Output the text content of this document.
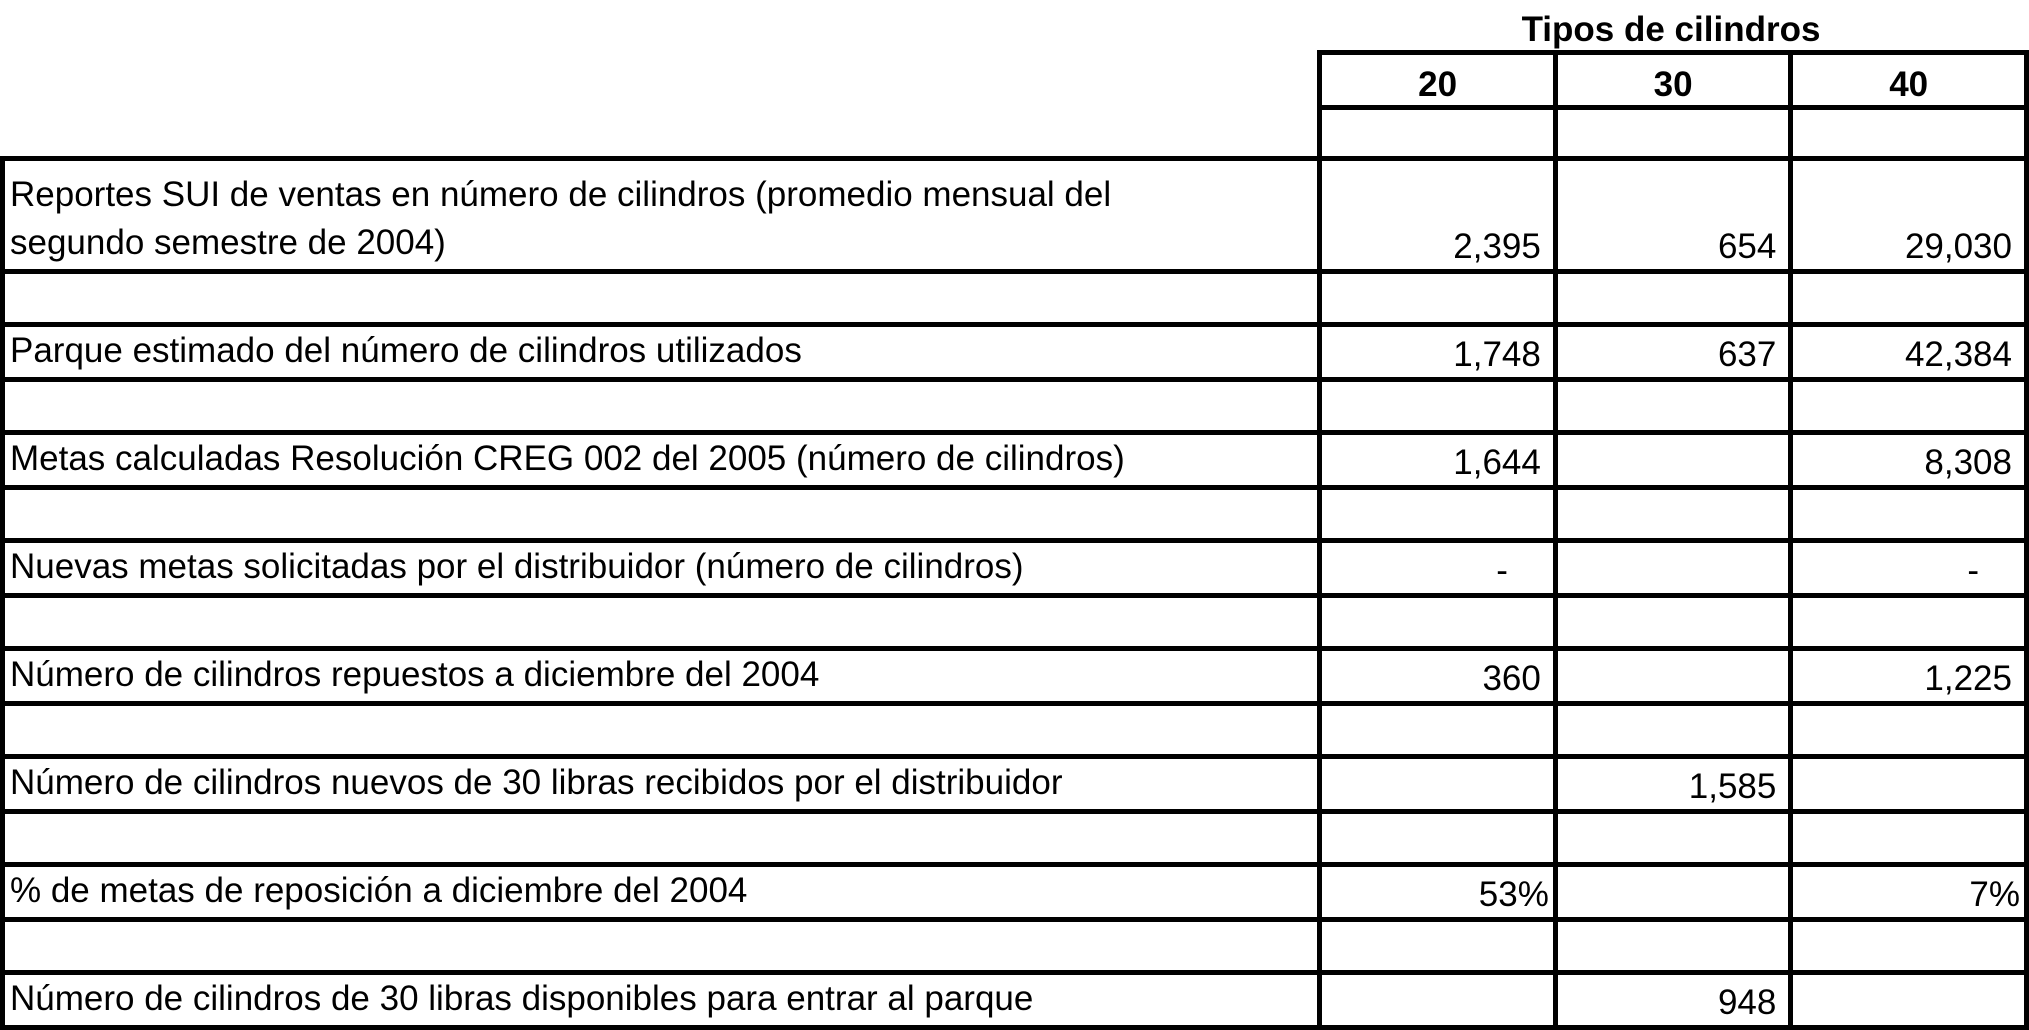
Tipos de cilindros
	20	30	40

Reportes SUI de ventas en número de cilindros (promedio mensual del segundo semestre de 2004)	2,395	654	29,030

Parque estimado del número de cilindros utilizados	1,748	637	42,384

Metas calculadas Resolución CREG 002 del 2005 (número de cilindros)	1,644		8,308

Nuevas metas solicitadas por el distribuidor (número de cilindros)	-		-

Número de cilindros repuestos a diciembre del 2004	360		1,225

Número de cilindros nuevos de 30 libras recibidos por el distribuidor		1,585	

% de metas de reposición a diciembre del 2004	53%		7%

Número de cilindros de 30 libras disponibles para entrar al parque		948	
